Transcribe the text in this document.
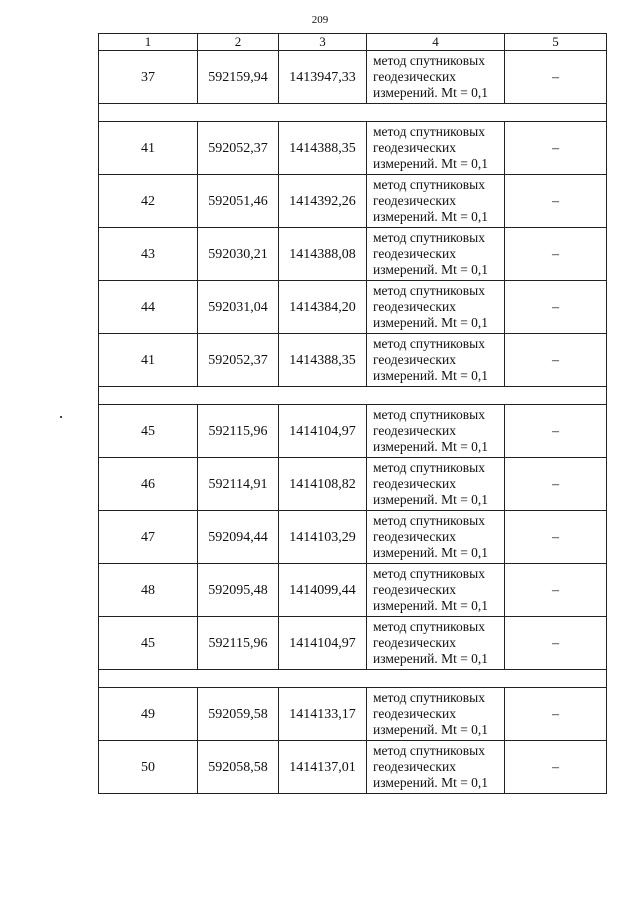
209
1	2	3	4	5
37	592159,94	1413947,33	метод спутниковых
геодезических
измерений. Mt = 0,1	–

41	592052,37	1414388,35	метод спутниковых
геодезических
измерений. Mt = 0,1	–
42	592051,46	1414392,26	метод спутниковых
геодезических
измерений. Mt = 0,1	–
43	592030,21	1414388,08	метод спутниковых
геодезических
измерений. Mt = 0,1	–
44	592031,04	1414384,20	метод спутниковых
геодезических
измерений. Mt = 0,1	–
41	592052,37	1414388,35	метод спутниковых
геодезических
измерений. Mt = 0,1	–

45	592115,96	1414104,97	метод спутниковых
геодезических
измерений. Mt = 0,1	–
46	592114,91	1414108,82	метод спутниковых
геодезических
измерений. Mt = 0,1	–
47	592094,44	1414103,29	метод спутниковых
геодезических
измерений. Mt = 0,1	–
48	592095,48	1414099,44	метод спутниковых
геодезических
измерений. Mt = 0,1	–
45	592115,96	1414104,97	метод спутниковых
геодезических
измерений. Mt = 0,1	–

49	592059,58	1414133,17	метод спутниковых
геодезических
измерений. Mt = 0,1	–
50	592058,58	1414137,01	метод спутниковых
геодезических
измерений. Mt = 0,1	–
